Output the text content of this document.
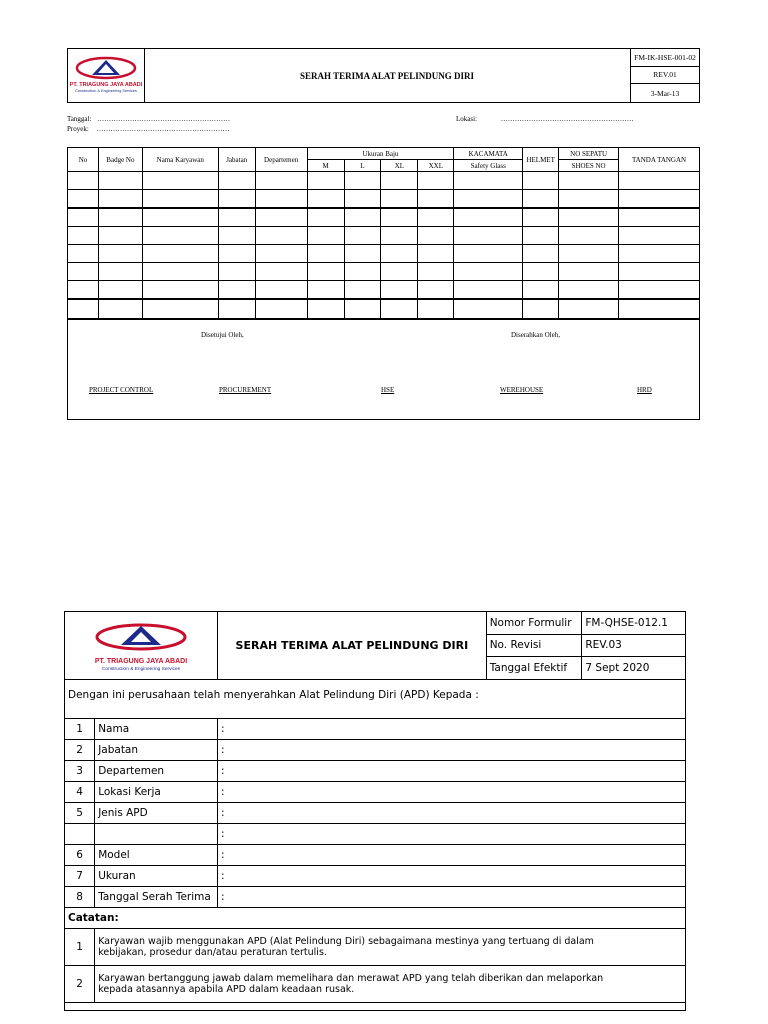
PT. TRIAGUNG JAYA ABADI
Construction & Engineering Services
SERAH TERIMA ALAT PELINDUNG DIRI
FM-IK-HSE-001-02
REV.01
3-Mar-13
Tanggal: …………………………………………………
Proyek: …………………………………………………
Lokasi:	…………………………………………………
No	Badge No	Nama Karyawan	Jabatan	Departemen	Ukuran Baju				KACAMATA	HELMET	NO SEPATU	TANDA TANGAN
					M	L	XL	XXL	Safety Glass		SHOES NO	

Disetujui Oleh,	Diserahkan Oleh,
PROJECT CONTROL	PROCUREMENT	HSE	WEREHOUSE	HRD
PT. TRIAGUNG JAYA ABADI
Construction & Engineering Services		SERAH TERIMA ALAT PELINDUNG DIRI	Nomor Formulir	FM-QHSE-012.1
			No. Revisi	REV.03
			Tanggal Efektif	7 Sept 2020
Dengan ini perusahaan telah menyerahkan Alat Pelindung Diri (APD) Kepada :				

1	Nama	:		
2	Jabatan	:		
3	Departemen	:		
4	Lokasi Kerja	:		
5	Jenis APD	:		
		:		
6	Model	:		
7	Ukuran	:		
8	Tanggal Serah Terima	:		
Catatan:				
1	Karyawan wajib menggunakan APD (Alat Pelindung Diri) sebagaimana mestinya yang tertuang di dalam
kebijakan, prosedur dan/atau peraturan tertulis.			

2	Karyawan bertanggung jawab dalam memelihara dan merawat APD yang telah diberikan dan melaporkan
kepada atasannya apabila APD dalam keadaan rusak.			
